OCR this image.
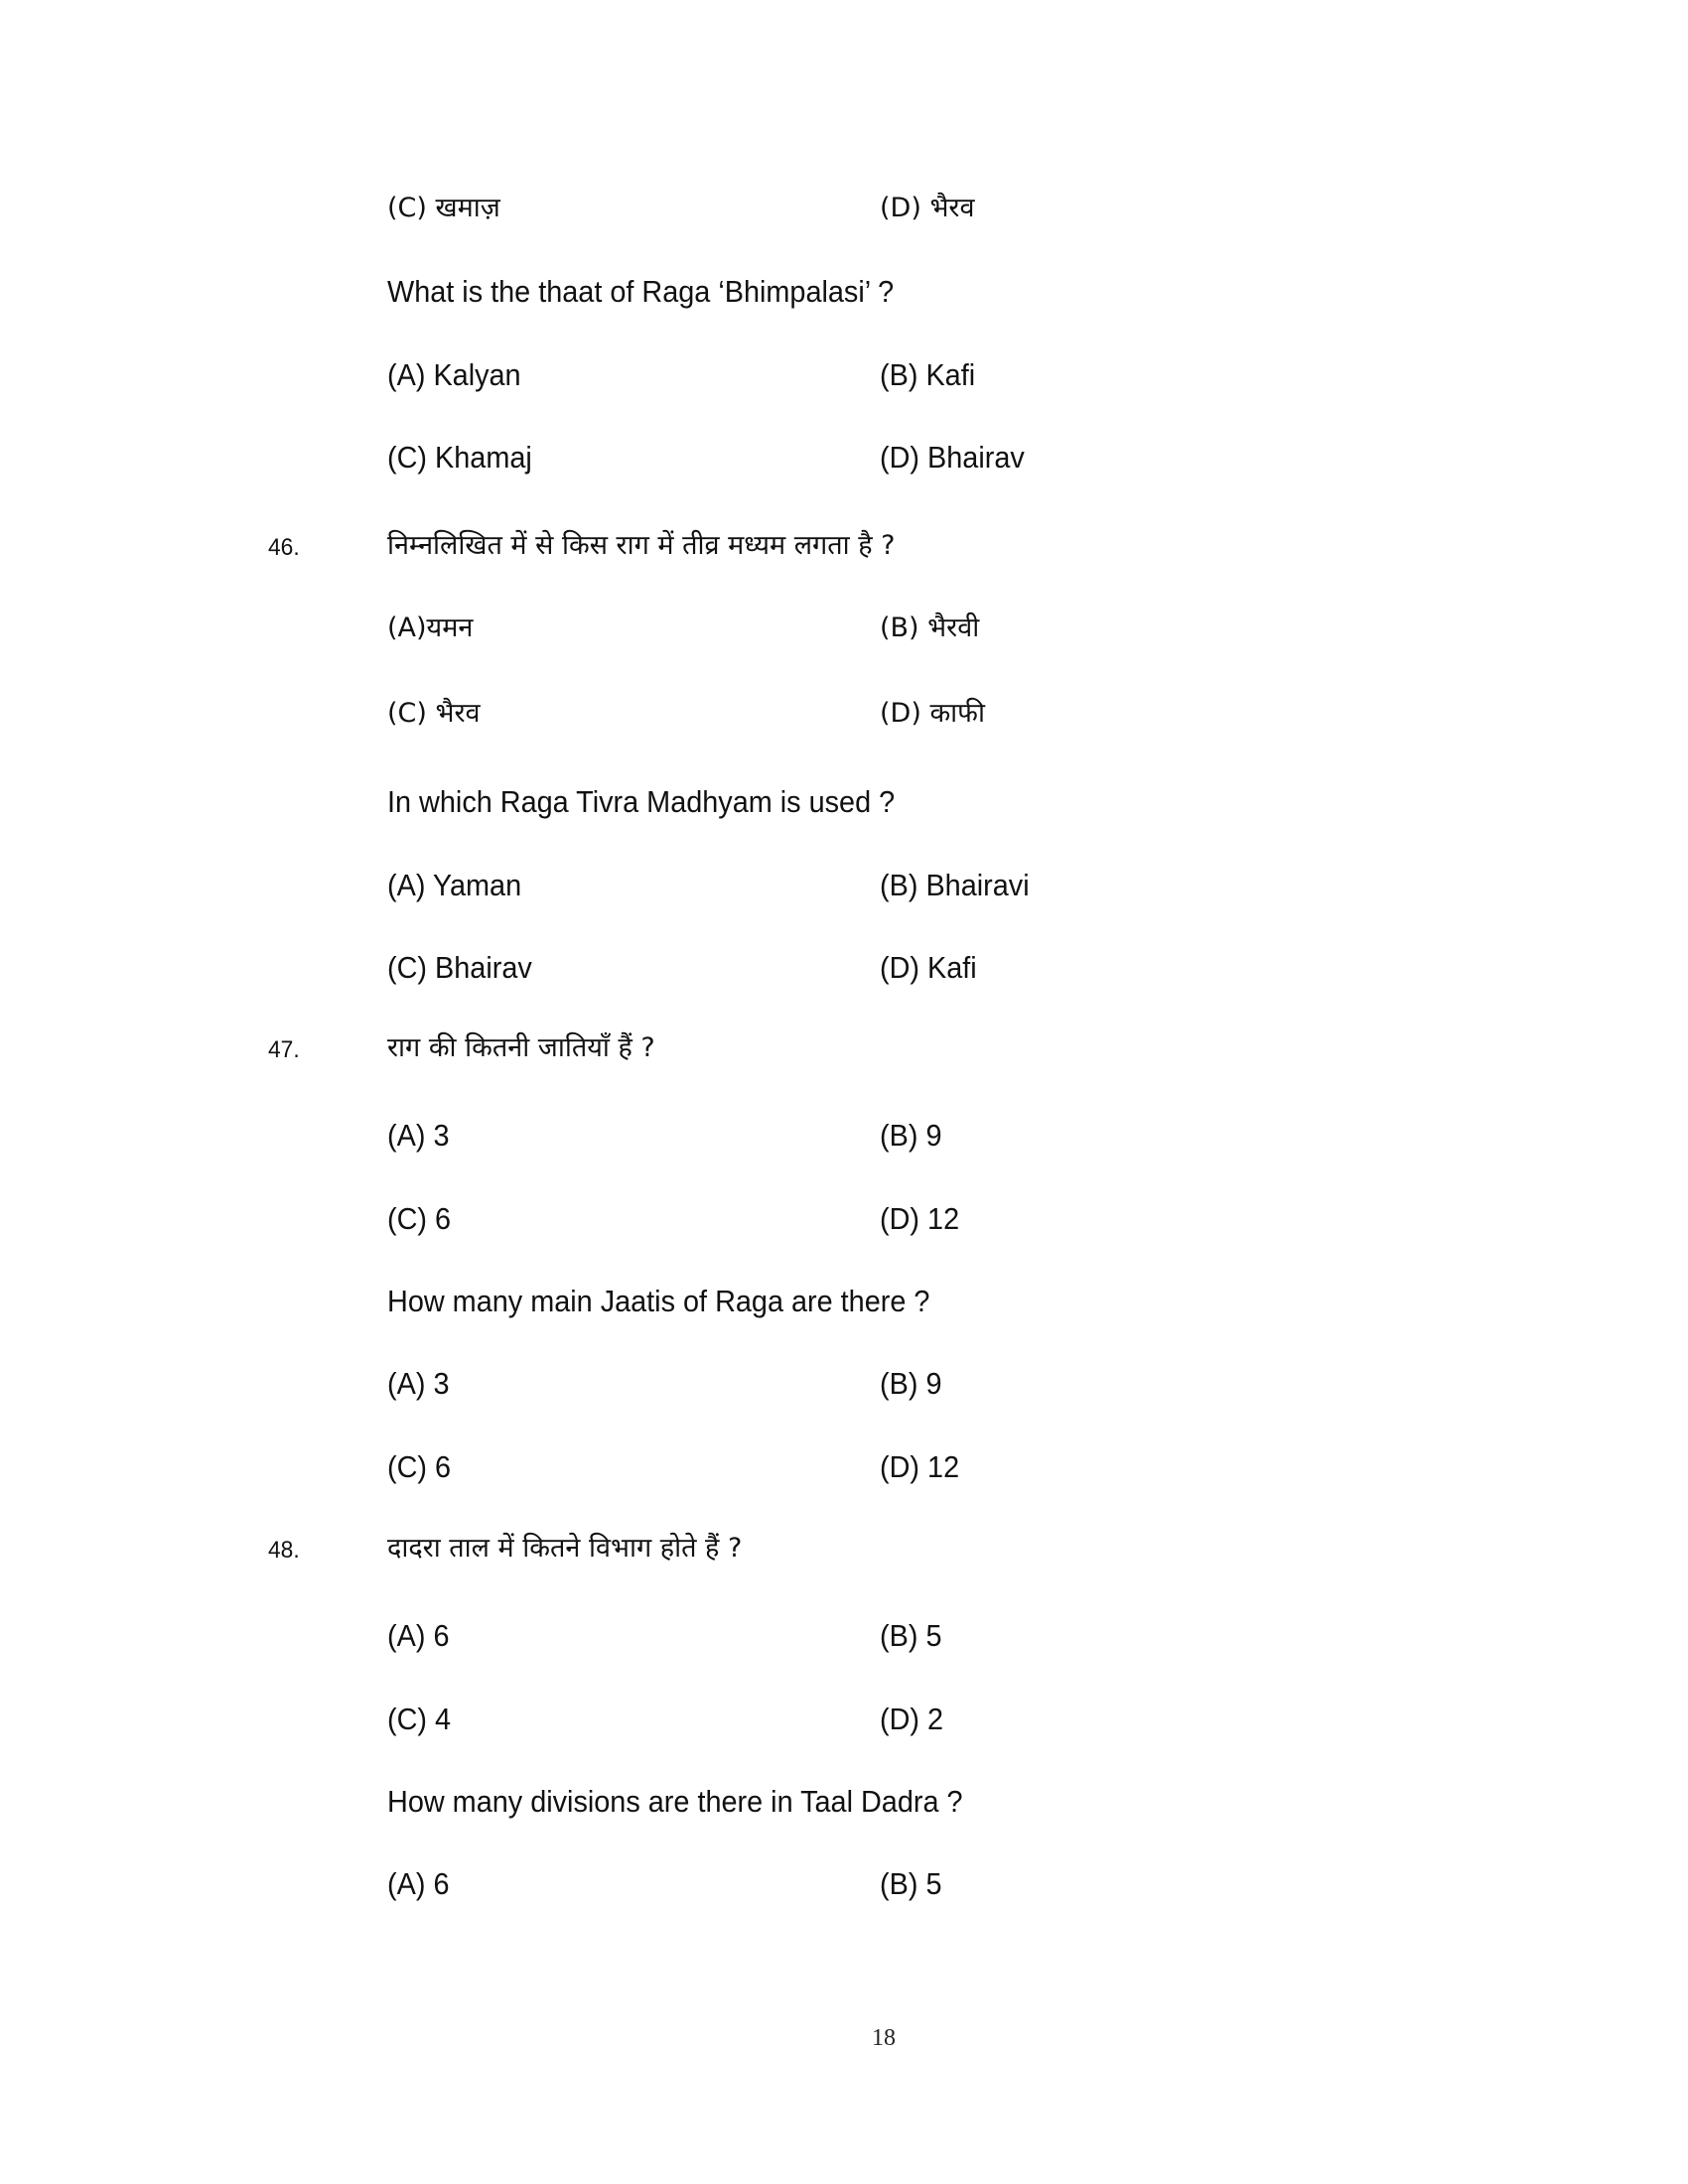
(C) खमाज़	(D) भैरव
What is the thaat of Raga ‘Bhimpalasi’ ?
(A) Kalyan	(B) Kafi
(C) Khamaj	(D) Bhairav
46.	निम्नलिखित में से किस राग में तीव्र मध्यम लगता है ?
(A)यमन	(B) भैरवी
(C) भैरव	(D) काफी
In which Raga Tivra Madhyam is used ?
(A) Yaman	(B) Bhairavi
(C) Bhairav	(D) Kafi
47.	राग की कितनी जातियाँ हैं ?
(A) 3	(B) 9
(C) 6	(D) 12
How many main Jaatis of Raga are there ?
(A) 3	(B) 9
(C) 6	(D) 12
48.	दादरा ताल में कितने विभाग होते हैं ?
(A) 6	(B) 5
(C) 4	(D) 2
How many divisions are there in Taal Dadra ?
(A) 6	(B) 5
18
